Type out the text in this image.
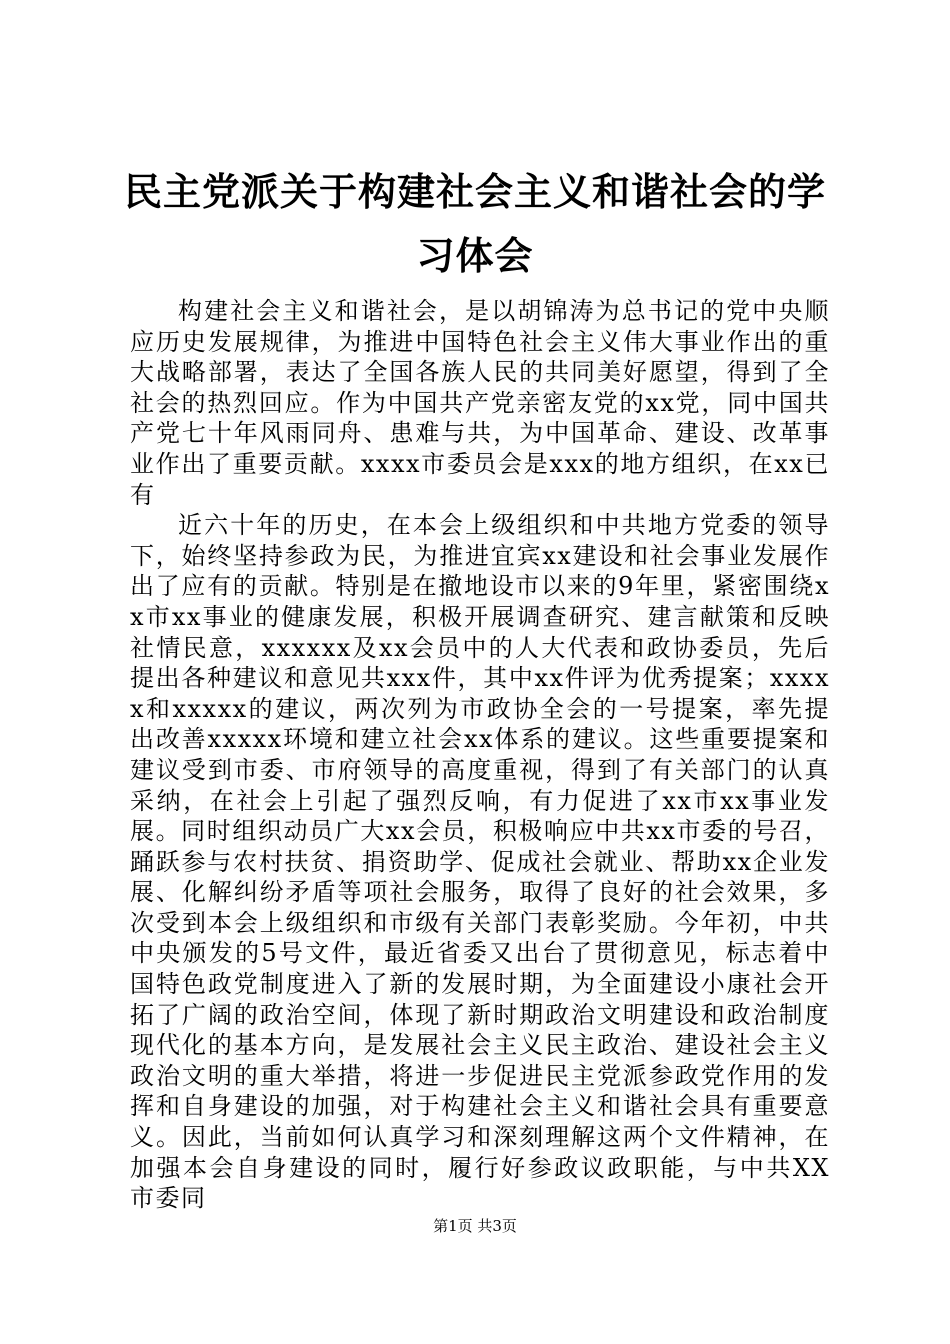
民主党派关于构建社会主义和谐社会的学习体会

构建社会主义和谐社会，是以胡锦涛为总书记的党中央顺应历史发展规律，为推进中国特色社会主义伟大事业作出的重大战略部署，表达了全国各族人民的共同美好愿望，得到了全社会的热烈回应。作为中国共产党亲密友党的xx党，同中国共产党七十年风雨同舟、患难与共，为中国革命、建设、改革事业作出了重要贡献。xxxx市委员会是xxx的地方组织，在xx已有

近六十年的历史，在本会上级组织和中共地方党委的领导下，始终坚持参政为民，为推进宜宾xx建设和社会事业发展作出了应有的贡献。特别是在撤地设市以来的9年里，紧密围绕xx市xx事业的健康发展，积极开展调查研究、建言献策和反映社情民意，xxxxxx及xx会员中的人大代表和政协委员，先后提出各种建议和意见共xxx件，其中xx件评为优秀提案；xxxxx和xxxxx的建议，两次列为市政协全会的一号提案，率先提出改善xxxxx环境和建立社会xx体系的建议。这些重要提案和建议受到市委、市府领导的高度重视，得到了有关部门的认真采纳，在社会上引起了强烈反响，有力促进了xx市xx事业发展。同时组织动员广大xx会员，积极响应中共xx市委的号召，踊跃参与农村扶贫、捐资助学、促成社会就业、帮助xx企业发展、化解纠纷矛盾等项社会服务，取得了良好的社会效果，多次受到本会上级组织和市级有关部门表彰奖励。今年初，中共中央颁发的5号文件，最近省委又出台了贯彻意见，标志着中国特色政党制度进入了新的发展时期，为全面建设小康社会开拓了广阔的政治空间，体现了新时期政治文明建设和政治制度现代化的基本方向，是发展社会主义民主政治、建设社会主义政治文明的重大举措，将进一步促进民主党派参政党作用的发挥和自身建设的加强，对于构建社会主义和谐社会具有重要意义。因此，当前如何认真学习和深刻理解这两个文件精神，在加强本会自身建设的同时，履行好参政议政职能，与中共XX市委同

第1页 共3页
